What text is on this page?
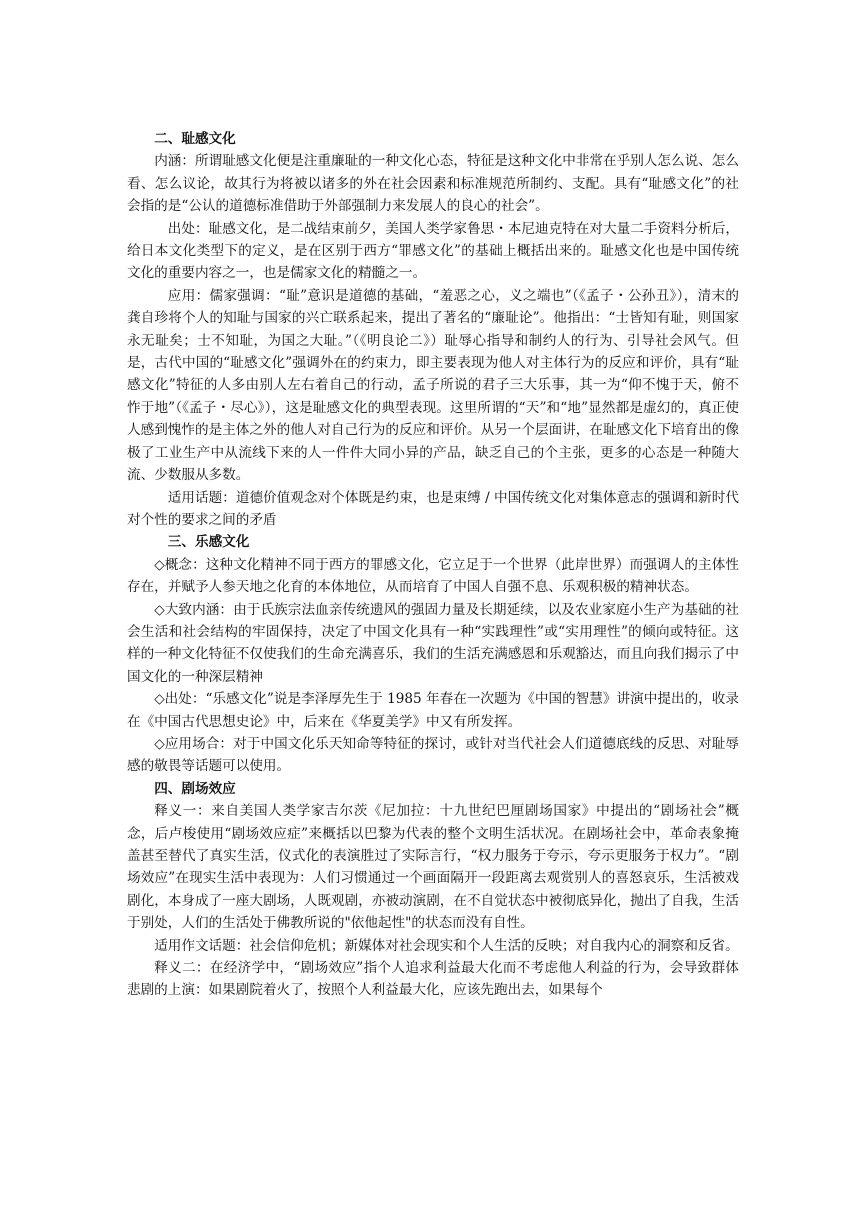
二、耻感文化

内涵：所谓耻感文化便是注重廉耻的一种文化心态，特征是这种文化中非常在乎别人怎么说、怎么看、怎么议论，故其行为将被以诸多的外在社会因素和标准规范所制约、支配。具有“耻感文化”的社会指的是“公认的道德标准借助于外部强制力来发展人的良心的社会”。

出处：耻感文化，是二战结束前夕，美国人类学家鲁思・本尼迪克特在对大量二手资料分析后，给日本文化类型下的定义，是在区别于西方“罪感文化”的基础上概括出来的。耻感文化也是中国传统文化的重要内容之一，也是儒家文化的精髓之一。

应用：儒家强调：“耻”意识是道德的基础，“羞恶之心，义之端也”（《孟子・公孙丑》），清末的龚自珍将个人的知耻与国家的兴亡联系起来，提出了著名的“廉耻论”。他指出：“士皆知有耻，则国家永无耻矣；士不知耻，为国之大耻。”（《明良论二》）耻辱心指导和制约人的行为、引导社会风气。但是，古代中国的“耻感文化”强调外在的约束力，即主要表现为他人对主体行为的反应和评价，具有“耻感文化”特征的人多由别人左右着自己的行动，孟子所说的君子三大乐事，其一为“仰不愧于天，俯不怍于地”（《孟子・尽心》），这是耻感文化的典型表现。这里所谓的“天”和“地”显然都是虚幻的，真正使人感到愧怍的是主体之外的他人对自己行为的反应和评价。从另一个层面讲，在耻感文化下培育出的像极了工业生产中从流线下来的人一件件大同小异的产品，缺乏自己的个主张，更多的心态是一种随大流、少数服从多数。

适用话题：道德价值观念对个体既是约束，也是束缚 / 中国传统文化对集体意志的强调和新时代对个性的要求之间的矛盾

三、乐感文化

◇概念：这种文化精神不同于西方的罪感文化，它立足于一个世界（此岸世界）而强调人的主体性存在，并赋予人参天地之化育的本体地位，从而培育了中国人自强不息、乐观积极的精神状态。

◇大致内涵：由于氏族宗法血亲传统遗风的强固力量及长期延续，以及农业家庭小生产为基础的社会生活和社会结构的牢固保持，决定了中国文化具有一种“实践理性”或“实用理性”的倾向或特征。这样的一种文化特征不仅使我们的生命充满喜乐，我们的生活充满感恩和乐观豁达，而且向我们揭示了中国文化的一种深层精神

◇出处：“乐感文化”说是李泽厚先生于 1985 年春在一次题为《中国的智慧》讲演中提出的，收录在《中国古代思想史论》中，后来在《华夏美学》中又有所发挥。

◇应用场合：对于中国文化乐天知命等特征的探讨，或针对当代社会人们道德底线的反思、对耻辱感的敬畏等话题可以使用。

四、剧场效应

释义一：来自美国人类学家吉尔茨《尼加拉：十九世纪巴厘剧场国家》中提出的“剧场社会”概念，后卢梭使用“剧场效应症”来概括以巴黎为代表的整个文明生活状况。在剧场社会中，革命表象掩盖甚至替代了真实生活，仪式化的表演胜过了实际言行，“权力服务于夸示，夸示更服务于权力”。“剧场效应”在现实生活中表现为：人们习惯通过一个画面隔开一段距离去观赏别人的喜怒哀乐，生活被戏剧化，本身成了一座大剧场，人既观剧，亦被动演剧，在不自觉状态中被彻底异化，抛出了自我，生活于别处，人们的生活处于佛教所说的"依他起性"的状态而没有自性。

适用作文话题：社会信仰危机；新媒体对社会现实和个人生活的反映；对自我内心的洞察和反省。

释义二：在经济学中，“剧场效应”指个人追求利益最大化而不考虑他人利益的行为，会导致群体悲剧的上演：如果剧院着火了，按照个人利益最大化，应该先跑出去，如果每个
